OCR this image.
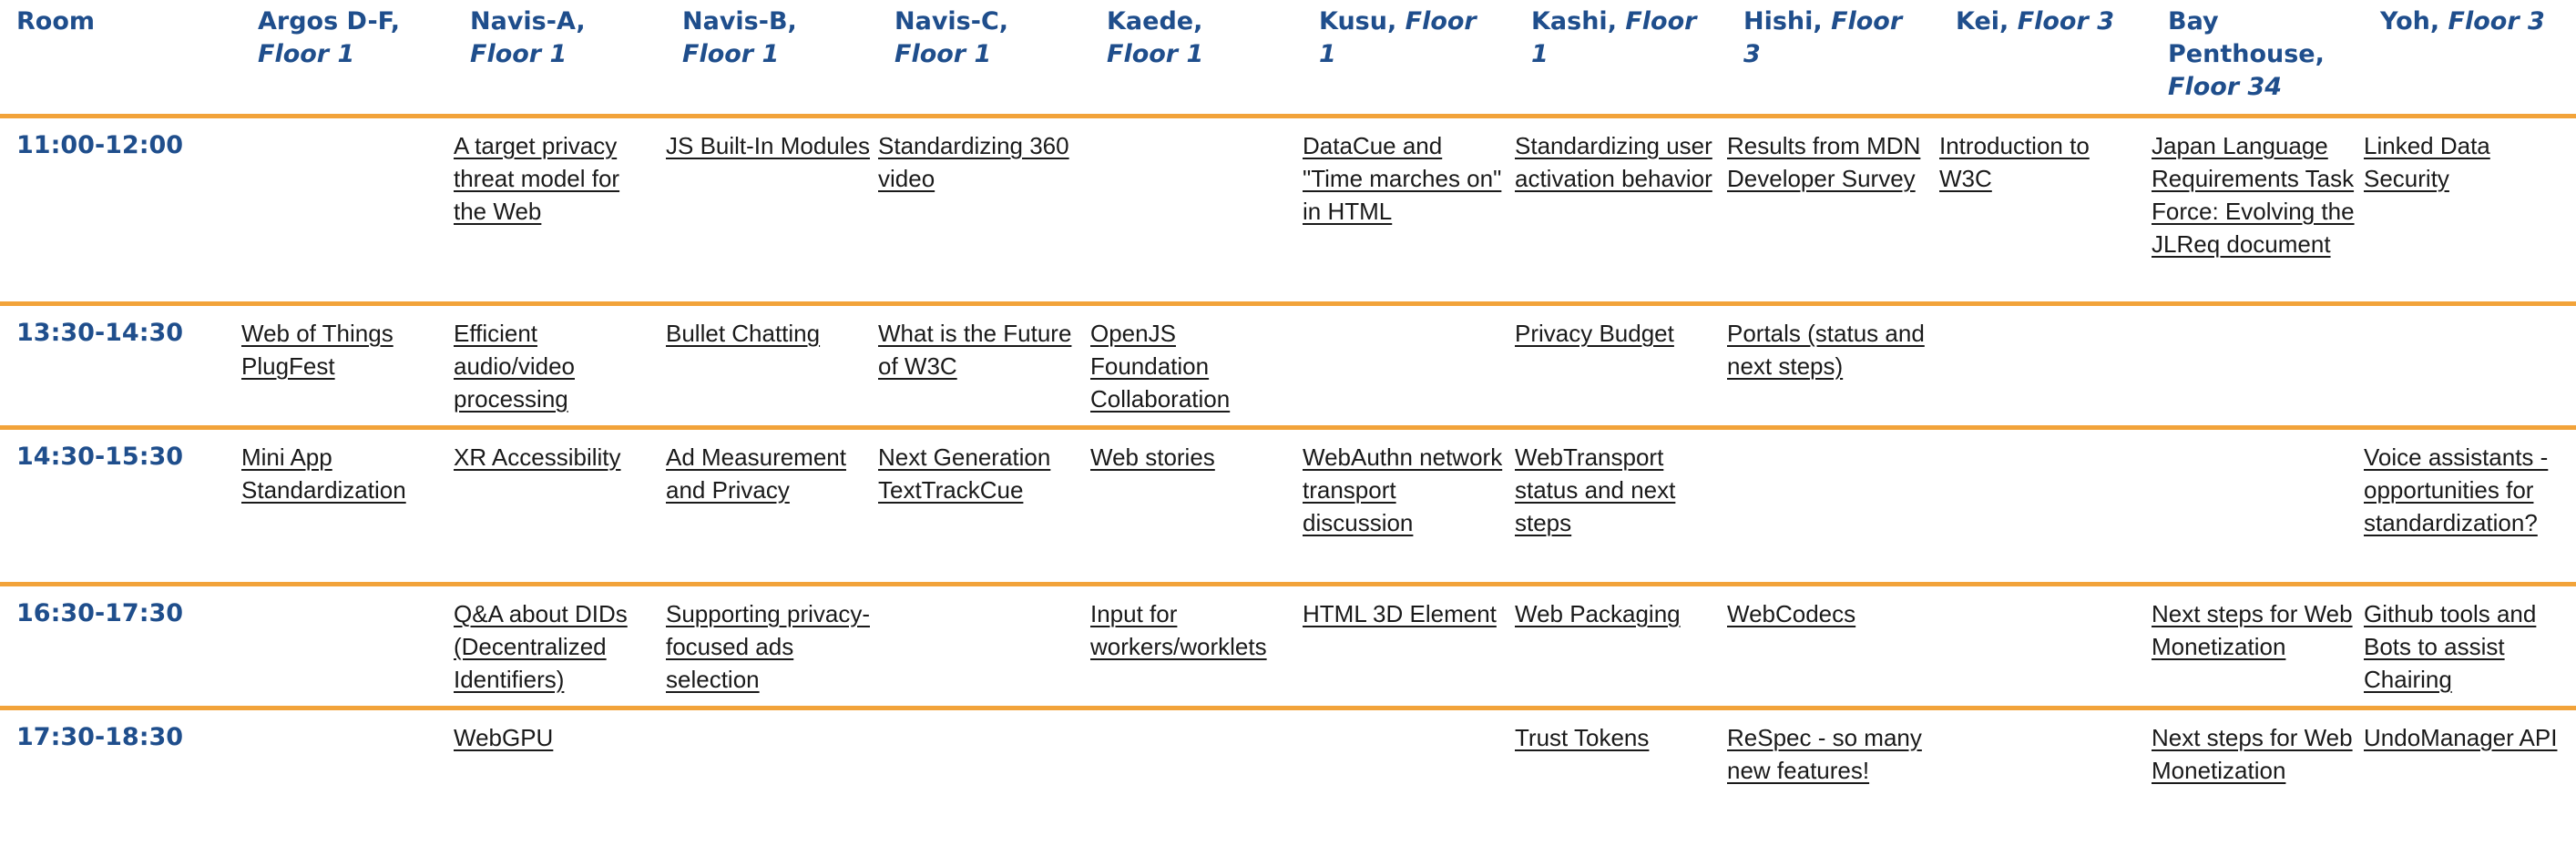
Room	Argos D-F, Floor 1	Navis-A, Floor 1	Navis-B, Floor 1	Navis-C, Floor 1	Kaede, Floor 1	Kusu, Floor 1	Kashi, Floor 1	Hishi, Floor 3	Kei, Floor 3	Bay Penthouse, Floor 34	Yoh, Floor 3
11:00-12:00		A target privacy threat model for the Web	JS Built-In Modules	Standardizing 360 video		DataCue and "Time marches on" in HTML	Standardizing user activation behavior	Results from MDN Developer Survey	Introduction to W3C	Japan Language Requirements Task Force: Evolving the JLReq document	Linked Data Security
13:30-14:30	Web of Things PlugFest	Efficient audio/video processing	Bullet Chatting	What is the Future of W3C	OpenJS Foundation Collaboration		Privacy Budget	Portals (status and next steps)			
14:30-15:30	Mini App Standardization	XR Accessibility	Ad Measurement and Privacy	Next Generation TextTrackCue	Web stories	WebAuthn network transport discussion	WebTransport status and next steps				Voice assistants - opportunities for standardization?
16:30-17:30		Q&A about DIDs (Decentralized Identifiers)	Supporting privacy-focused ads selection		Input for workers/worklets	HTML 3D Element	Web Packaging	WebCodecs		Next steps for Web Monetization	Github tools and Bots to assist Chairing
17:30-18:30		WebGPU					Trust Tokens	ReSpec - so many new features!		Next steps for Web Monetization	UndoManager API
